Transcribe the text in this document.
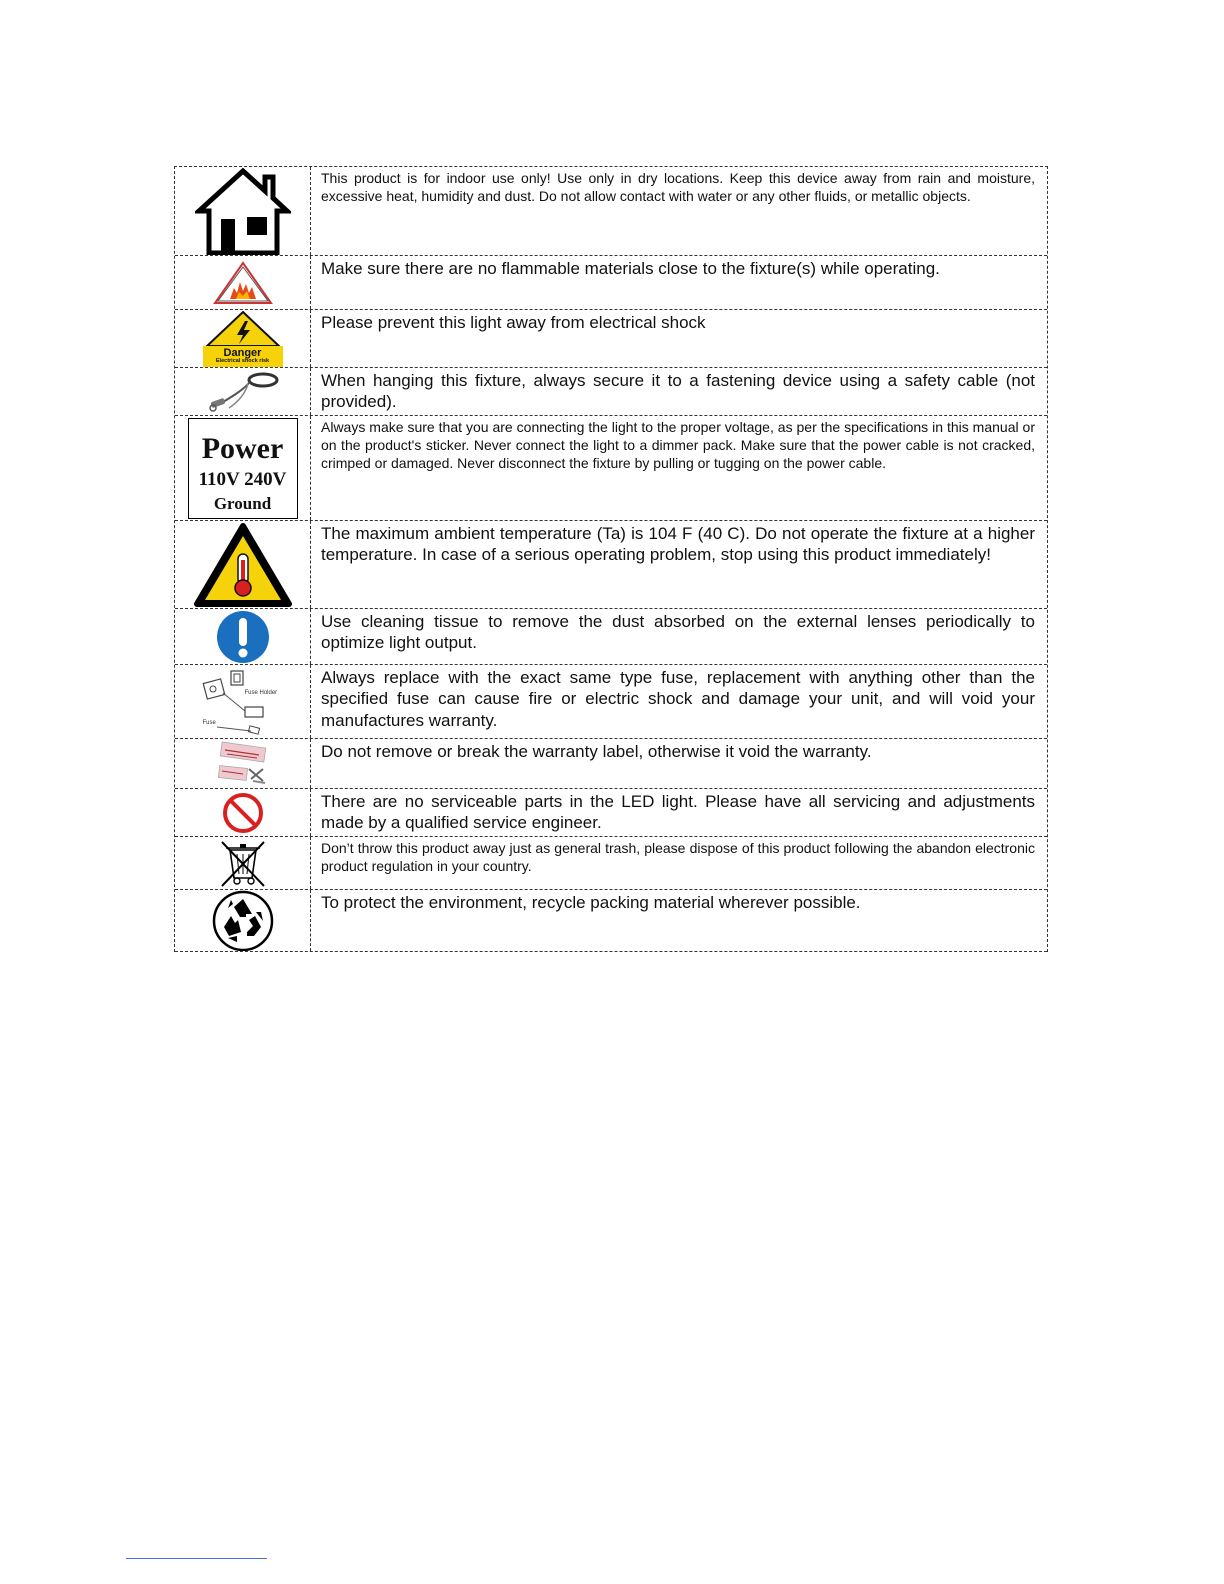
This product is for indoor use only! Use only in dry locations. Keep this device away from rain and moisture, excessive heat, humidity and dust. Do not allow contact with water or any other fluids, or metallic objects.
Make sure there are no flammable materials close to the fixture(s) while operating.
Danger
Electrical shock risk
Please prevent this light away from electrical shock
When hanging this fixture, always secure it to a fastening device using a safety cable (not provided).
Power
110V 240V
Ground
Always make sure that you are connecting the light to the proper voltage, as per the specifications in this manual or on the product's sticker. Never connect the light to a dimmer pack. Make sure that the power cable is not cracked, crimped or damaged. Never disconnect the fixture by pulling or tugging on the power cable.
The maximum ambient temperature (Ta) is 104 F (40 C). Do not operate the fixture at a higher temperature. In case of a serious operating problem, stop using this product immediately!
Use cleaning tissue to remove the dust absorbed on the external lenses periodically to optimize light output.
Fuse Holder
Fuse
Always replace with the exact same type fuse, replacement with anything other than the specified fuse can cause fire or electric shock and damage your unit, and will void your manufactures warranty.
Do not remove or break the warranty label, otherwise it void the warranty.
There are no serviceable parts in the LED light. Please have all servicing and adjustments made by a qualified service engineer.
Don’t throw this product away just as general trash, please dispose of this product following the abandon electronic product regulation in your country.
To protect the environment, recycle packing material wherever possible.
